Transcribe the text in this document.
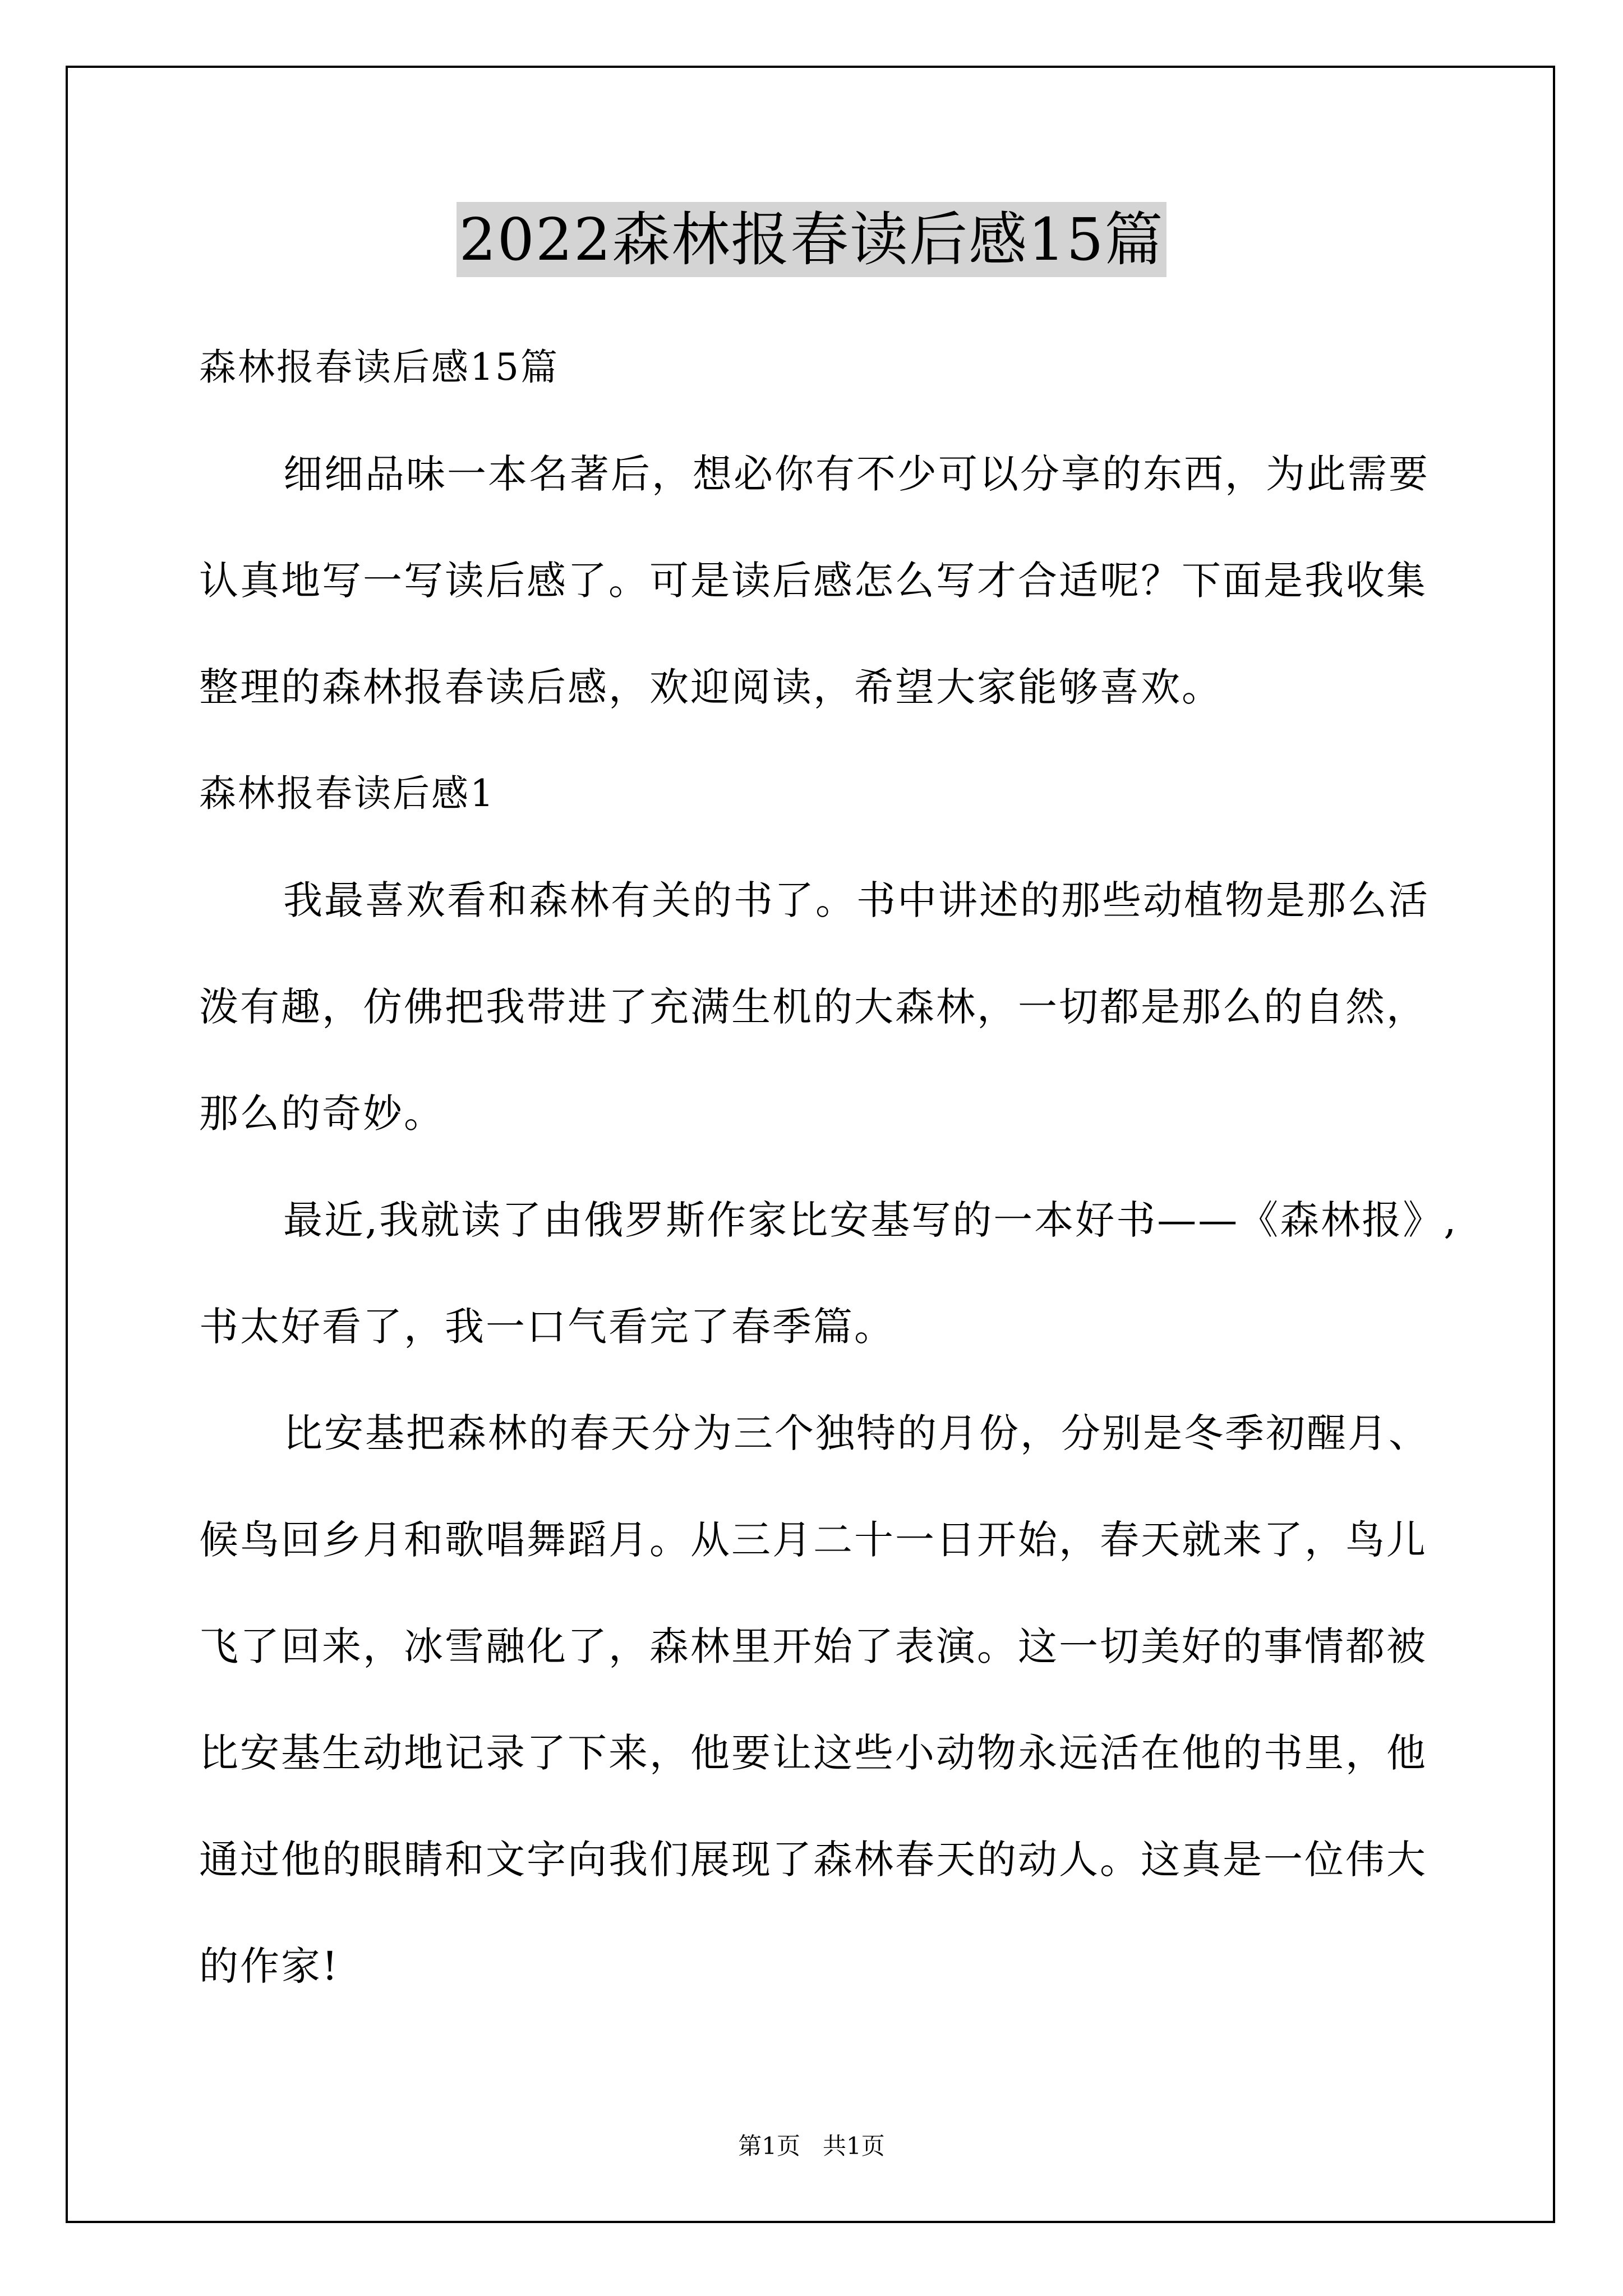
2022森林报春读后感15篇
森林报春读后感15篇
细细品味一本名著后，想必你有不少可以分享的东西，为此需要
认真地写一写读后感了。可是读后感怎么写才合适呢？下面是我收集
整理的森林报春读后感，欢迎阅读，希望大家能够喜欢。
森林报春读后感1
我最喜欢看和森林有关的书了。书中讲述的那些动植物是那么活
泼有趣，仿佛把我带进了充满生机的大森林，一切都是那么的自然，
那么的奇妙。
最近,我就读了由俄罗斯作家比安基写的一本好书——《森林报》,
书太好看了，我一口气看完了春季篇。
比安基把森林的春天分为三个独特的月份，分别是冬季初醒月、
候鸟回乡月和歌唱舞蹈月。从三月二十一日开始，春天就来了，鸟儿
飞了回来，冰雪融化了，森林里开始了表演。这一切美好的事情都被
比安基生动地记录了下来，他要让这些小动物永远活在他的书里，他
通过他的眼睛和文字向我们展现了森林春天的动人。这真是一位伟大
的作家!
第1页   共1页
